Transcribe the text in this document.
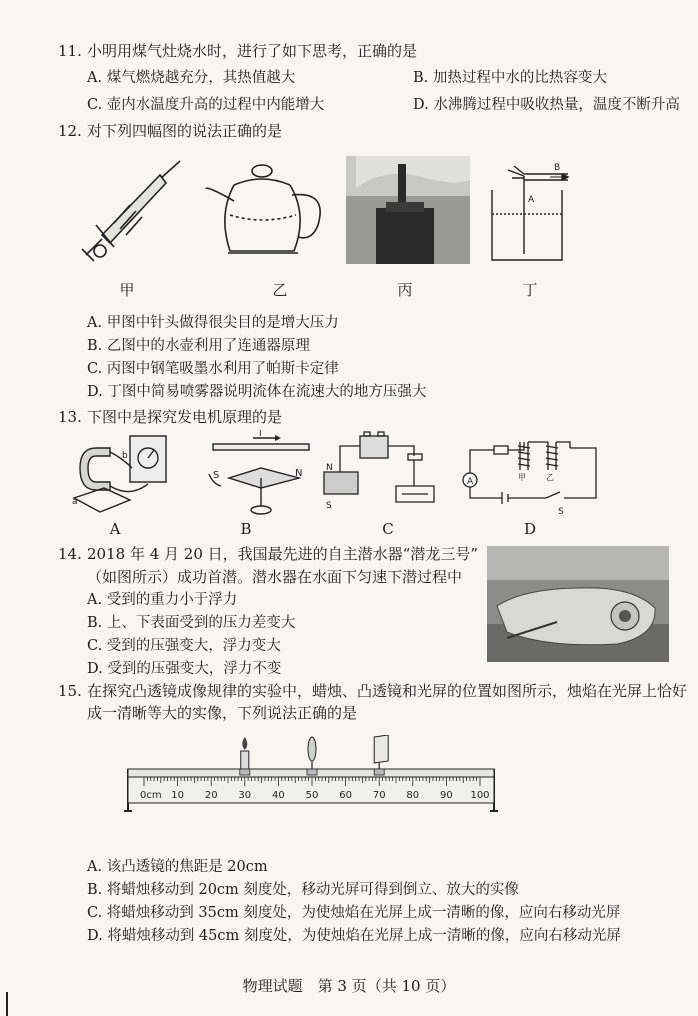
11. 小明用煤气灶烧水时，进行了如下思考，正确的是
A. 煤气燃烧越充分，其热值越大	B. 加热过程中水的比热容变大
C. 壶内水温度升高的过程中内能增大	D. 水沸腾过程中吸收热量，温度不断升高
12. 对下列四幅图的说法正确的是
B
A
甲	乙	丙	丁
A. 甲图中针头做得很尖目的是增大压力
B. 乙图中的水壶利用了连通器原理
C. 丙图中钢笔吸墨水利用了帕斯卡定律
D. 丁图中简易喷雾器说明流体在流速大的地方压强大
13. 下图中是探究发电机原理的是
a
b
I
S	N	N
S
A	甲	乙
S
A	B	C	D
14. 2018 年 4 月 20 日，我国最先进的自主潜水器“潜龙三号”
（如图所示）成功首潜。潜水器在水面下匀速下潜过程中
A. 受到的重力小于浮力
B. 上、下表面受到的压力差变大
C. 受到的压强变大，浮力变大
D. 受到的压强变大，浮力不变
15. 在探究凸透镜成像规律的实验中，蜡烛、凸透镜和光屏的位置如图所示，烛焰在光屏上恰好成一清晰等大的实像，下列说法正确的是
0cm 10 20 30 40 50 60 70 80 90 100
A. 该凸透镜的焦距是 20cm
B. 将蜡烛移动到 20cm 刻度处，移动光屏可得到倒立、放大的实像
C. 将蜡烛移动到 35cm 刻度处，为使烛焰在光屏上成一清晰的像，应向右移动光屏
D. 将蜡烛移动到 45cm 刻度处，为使烛焰在光屏上成一清晰的像，应向右移动光屏
物理试题　第 3 页（共 10 页）
